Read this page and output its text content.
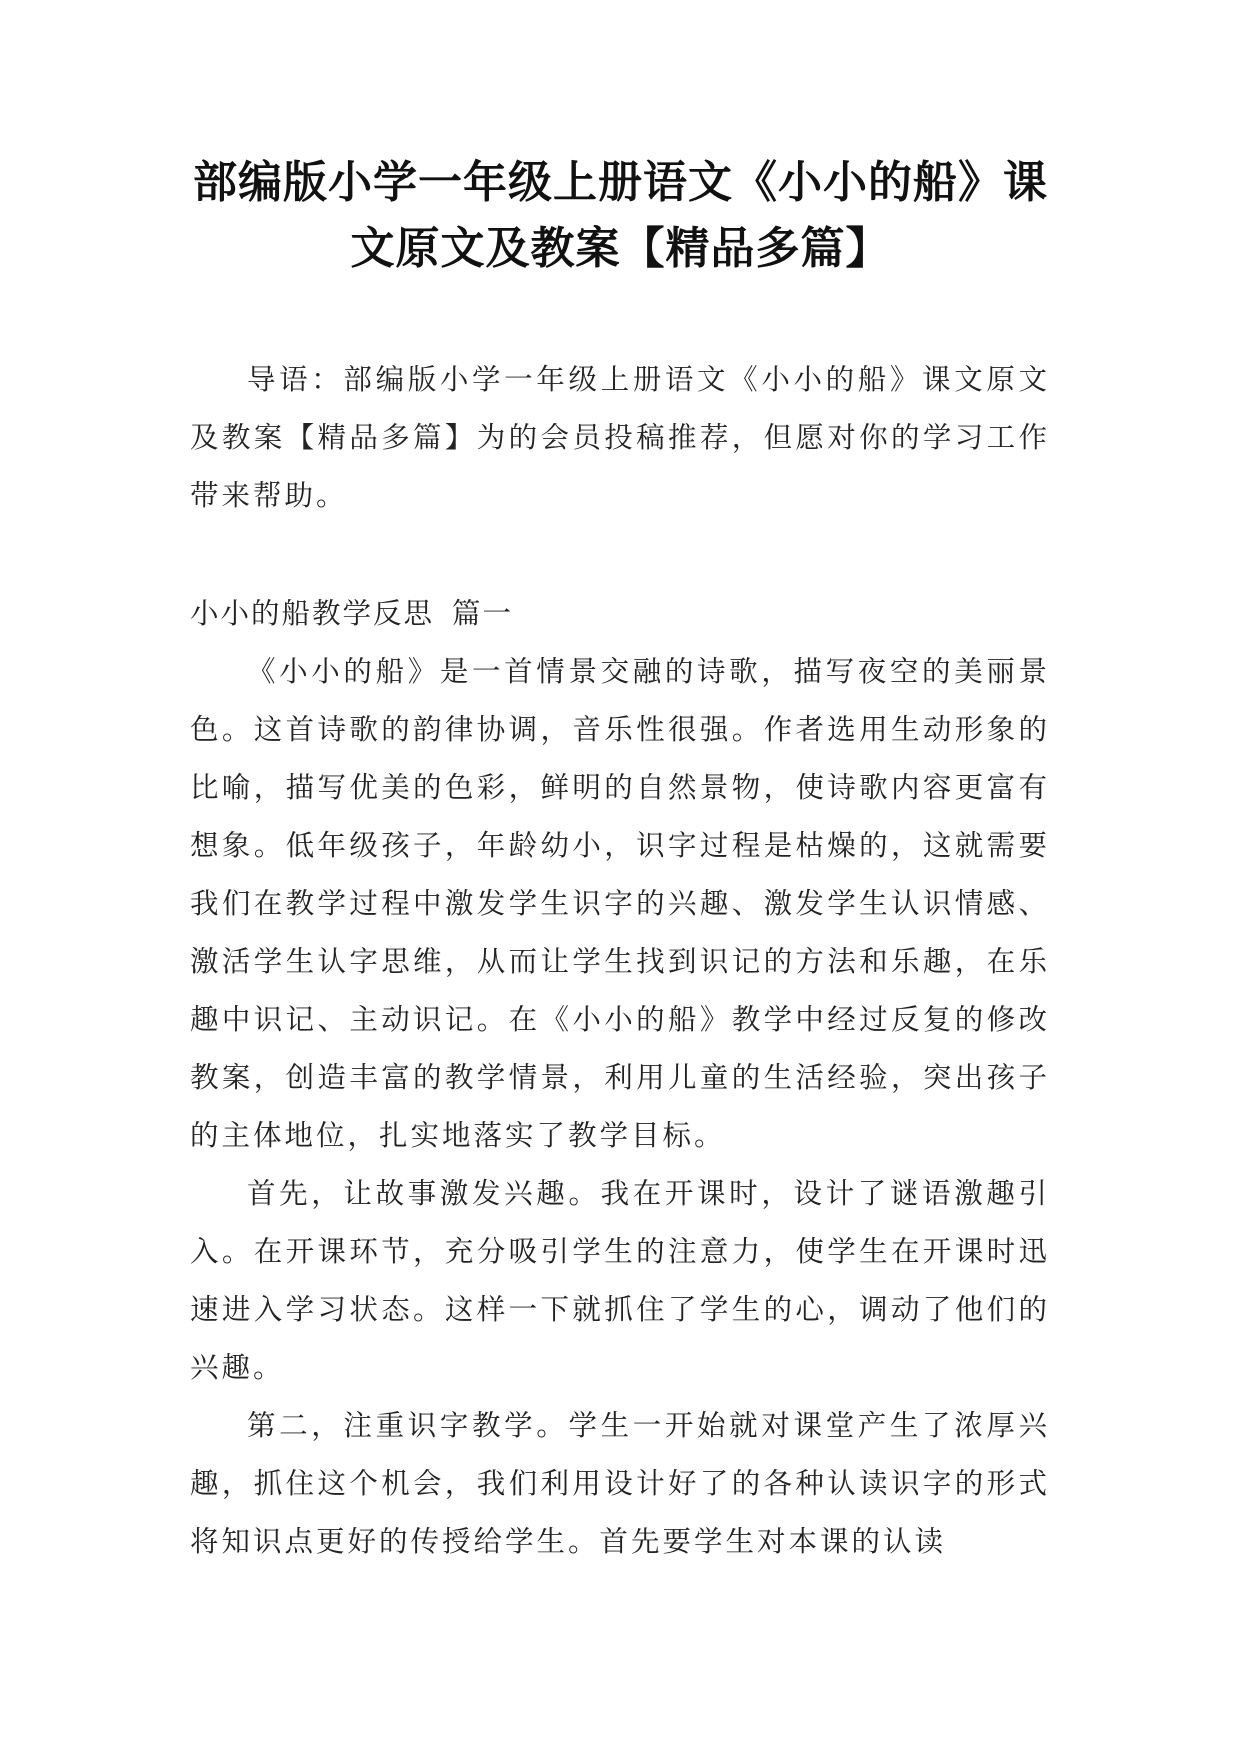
部编版小学一年级上册语文《小小的船》课
文原文及教案【精品多篇】

导语：部编版小学一年级上册语文《小小的船》课文原文及教案【精品多篇】为的会员投稿推荐，但愿对你的学习工作带来帮助。

小小的船教学反思 篇一

《小小的船》是一首情景交融的诗歌，描写夜空的美丽景色。这首诗歌的韵律协调，音乐性很强。作者选用生动形象的比喻，描写优美的色彩，鲜明的自然景物，使诗歌内容更富有想象。低年级孩子，年龄幼小，识字过程是枯燥的，这就需要我们在教学过程中激发学生识字的兴趣、激发学生认识情感、激活学生认字思维，从而让学生找到识记的方法和乐趣，在乐趣中识记、主动识记。在《小小的船》教学中经过反复的修改教案，创造丰富的教学情景，利用儿童的生活经验，突出孩子的主体地位，扎实地落实了教学目标。

首先，让故事激发兴趣。我在开课时，设计了谜语激趣引入。在开课环节，充分吸引学生的注意力，使学生在开课时迅速进入学习状态。这样一下就抓住了学生的心，调动了他们的兴趣。

第二，注重识字教学。学生一开始就对课堂产生了浓厚兴趣，抓住这个机会，我们利用设计好了的各种认读识字的形式将知识点更好的传授给学生。首先要学生对本课的认读
